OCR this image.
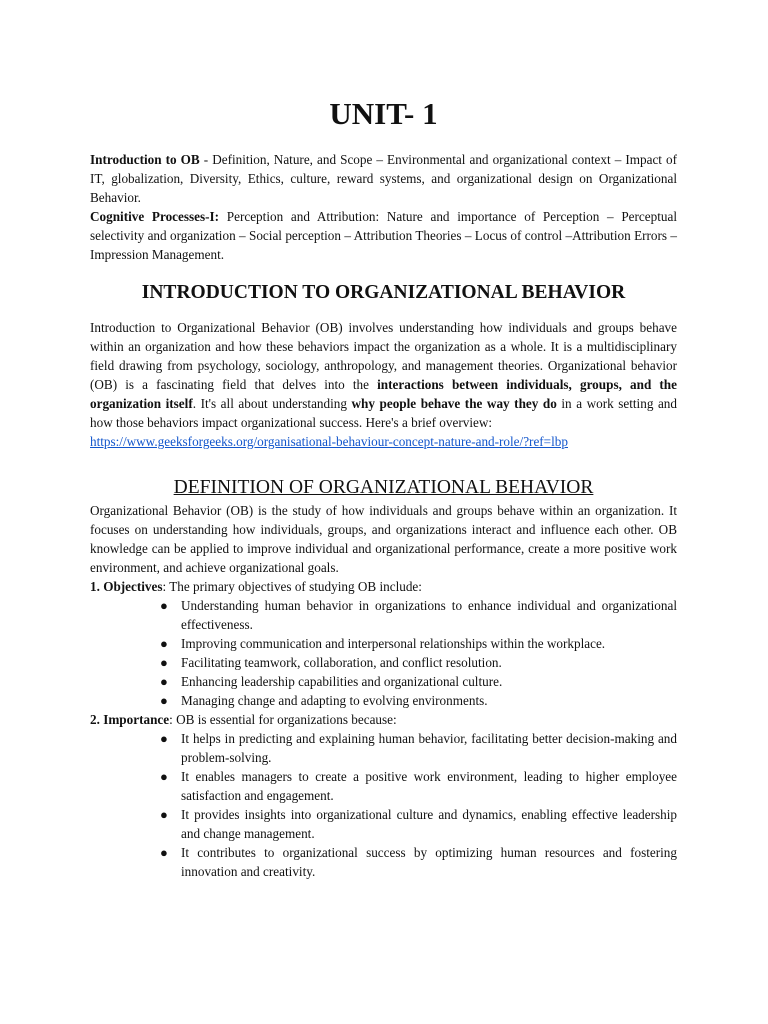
UNIT- 1

Introduction to OB - Definition, Nature, and Scope – Environmental and organizational context – Impact of IT, globalization, Diversity, Ethics, culture, reward systems, and organizational design on Organizational Behavior.

Cognitive Processes-I: Perception and Attribution: Nature and importance of Perception – Perceptual selectivity and organization – Social perception – Attribution Theories – Locus of control –Attribution Errors –Impression Management.

INTRODUCTION TO ORGANIZATIONAL BEHAVIOR

Introduction to Organizational Behavior (OB) involves understanding how individuals and groups behave within an organization and how these behaviors impact the organization as a whole. It is a multidisciplinary field drawing from psychology, sociology, anthropology, and management theories. Organizational behavior (OB) is a fascinating field that delves into the interactions between individuals, groups, and the organization itself. It's all about understanding why people behave the way they do in a work setting and how those behaviors impact organizational success. Here's a brief overview:

https://www.geeksforgeeks.org/organisational-behaviour-concept-nature-and-role/?ref=lbp

DEFINITION OF ORGANIZATIONAL BEHAVIOR

Organizational Behavior (OB) is the study of how individuals and groups behave within an organization. It focuses on understanding how individuals, groups, and organizations interact and influence each other. OB knowledge can be applied to improve individual and organizational performance, create a more positive work environment, and achieve organizational goals.

1. Objectives: The primary objectives of studying OB include:

● Understanding human behavior in organizations to enhance individual and organizational effectiveness.
● Improving communication and interpersonal relationships within the workplace.
● Facilitating teamwork, collaboration, and conflict resolution.
● Enhancing leadership capabilities and organizational culture.
● Managing change and adapting to evolving environments.

2. Importance: OB is essential for organizations because:

● It helps in predicting and explaining human behavior, facilitating better decision-making and problem-solving.
● It enables managers to create a positive work environment, leading to higher employee satisfaction and engagement.
● It provides insights into organizational culture and dynamics, enabling effective leadership and change management.
● It contributes to organizational success by optimizing human resources and fostering innovation and creativity.
